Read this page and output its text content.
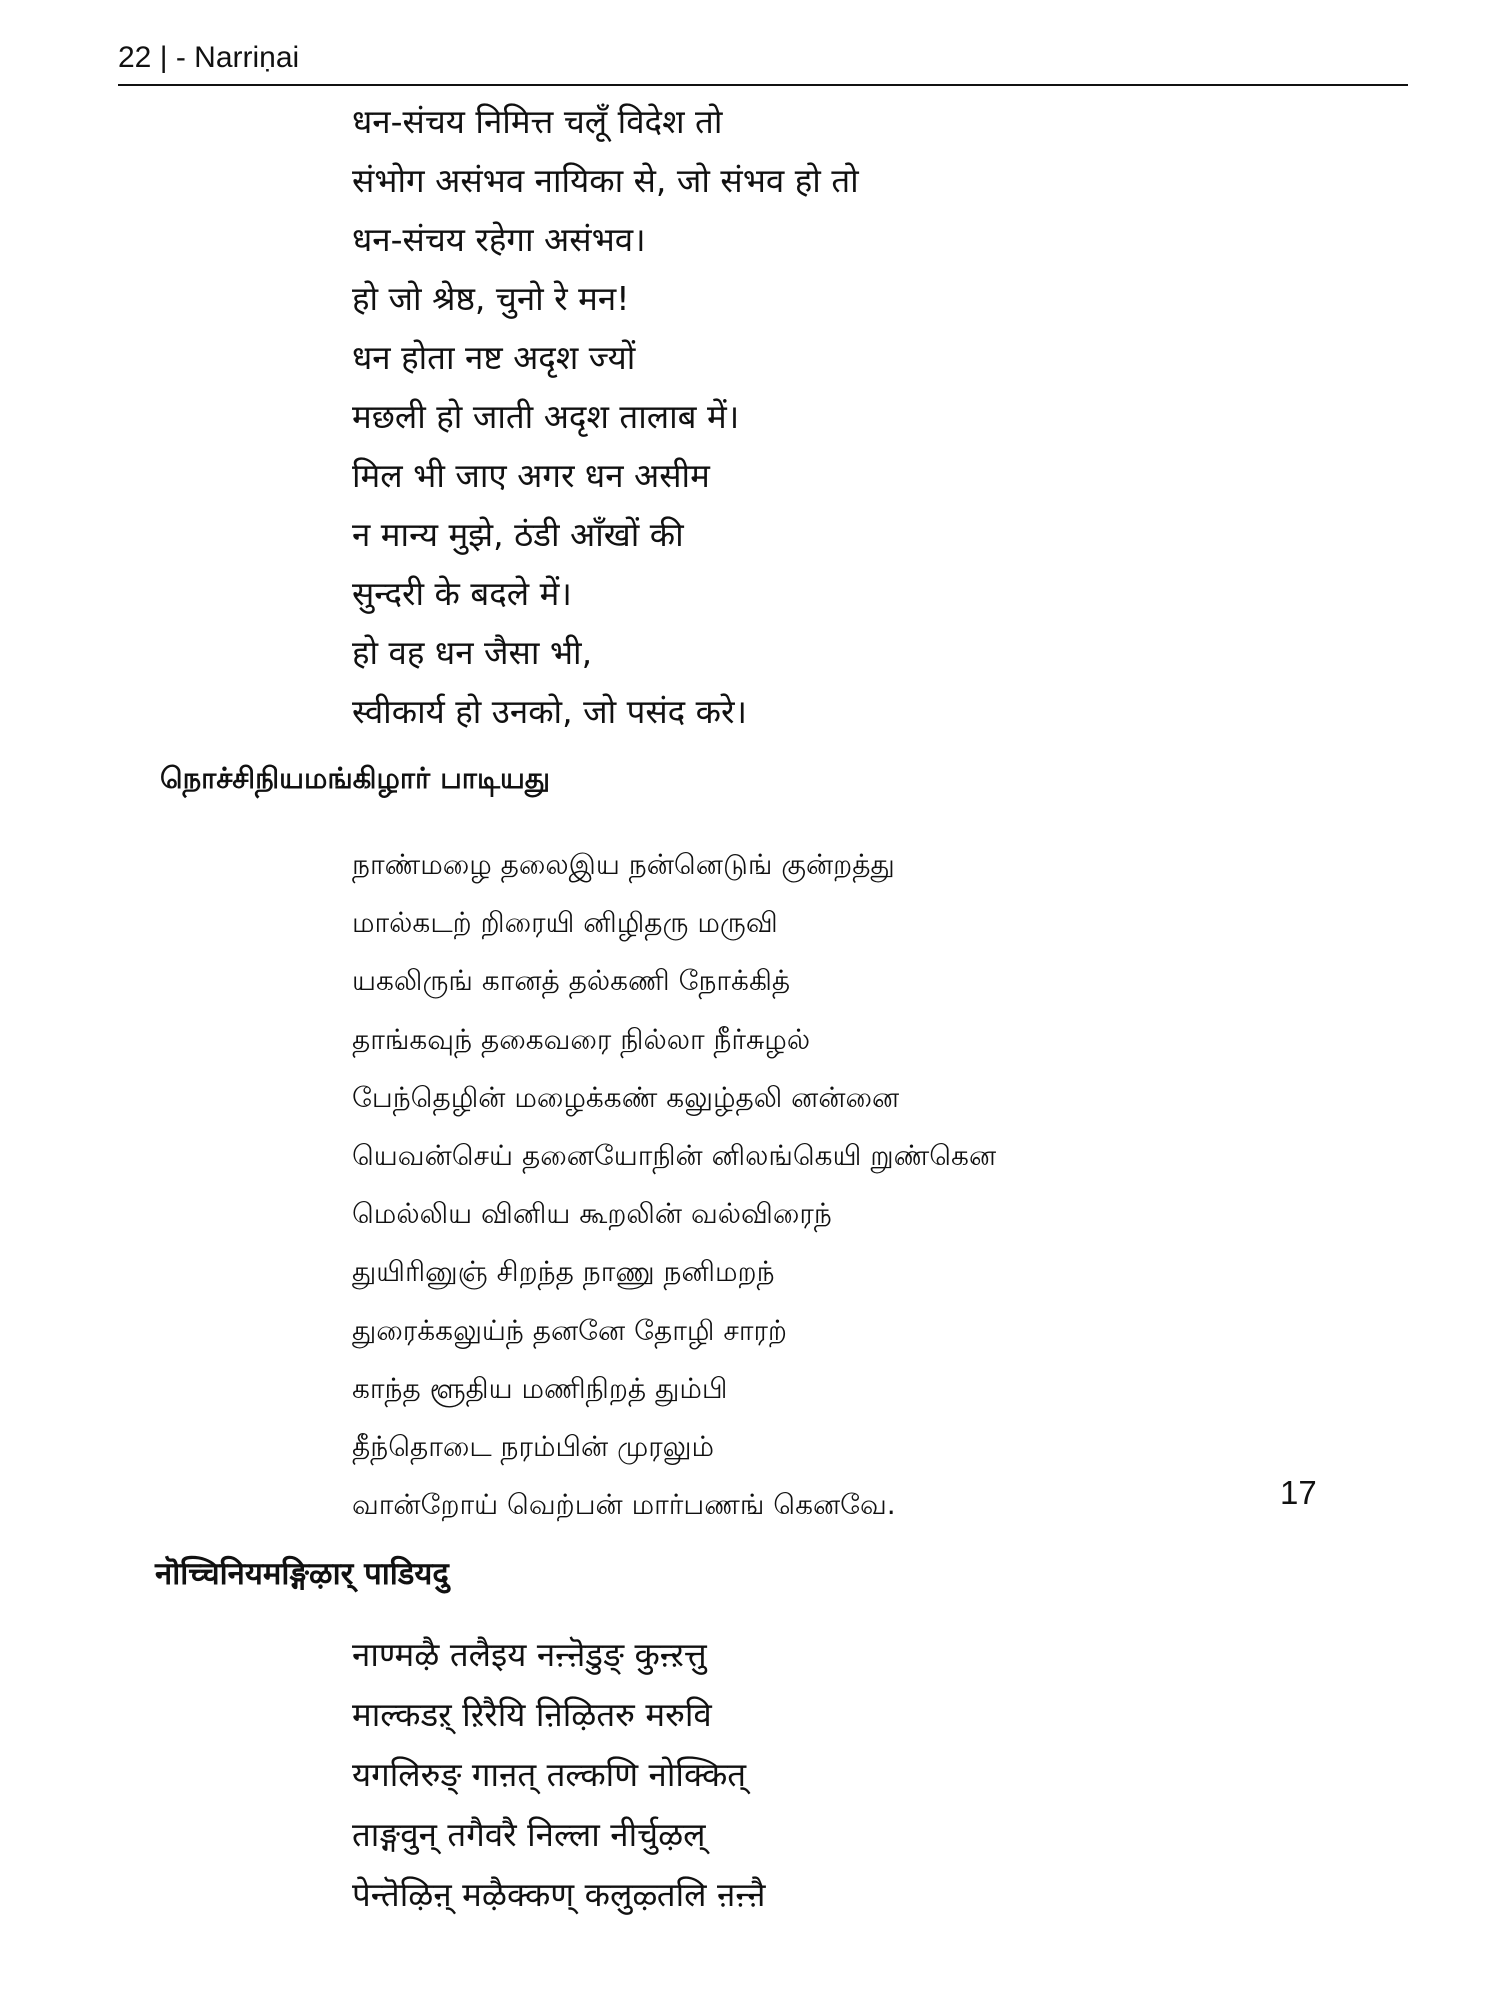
22 | - Narriṇai
धन-संचय निमित्त चलूँ विदेश तो
संभोग असंभव नायिका से, जो संभव हो तो
धन-संचय रहेगा असंभव।
हो जो श्रेष्ठ, चुनो रे मन!
धन होता नष्ट अदृश ज्यों
मछली हो जाती अदृश तालाब में।
मिल भी जाए अगर धन असीम
न मान्य मुझे, ठंडी आँखों की
सुन्दरी के बदले में।
हो वह धन जैसा भी,
स्वीकार्य हो उनको, जो पसंद करे।
நொச்சிநியமங்கிழார் பாடியது
நாண்மழை தலைஇய நன்னெடுங் குன்றத்து
மால்கடற் றிரையி னிழிதரு மருவி
யகலிருங் கானத் தல்கணி நோக்கித்
தாங்கவுந் தகைவரை நில்லா நீர்சுழல்
பேந்தெழின் மழைக்கண் கலுழ்தலி னன்னை
யெவன்செய் தனையோநின் னிலங்கெயி றுண்கென
மெல்லிய வினிய கூறலின் வல்விரைந்
துயிரினுஞ் சிறந்த நாணு நனிமறந்
துரைக்கலுய்ந் தனனே தோழி சாரற்
காந்த ளூதிய மணிநிறத் தும்பி
தீந்தொடை நரம்பின் முரலும்
வான்றோய் வெற்பன் மார்பணங் கெனவே.	17
नॊच्चिनियमङ्गिऴार् पाडियदु
नाण्मऴै तलैइय नऩ्ऩॆडुङ् कुऩ्ऱत्तु
माल्कडऱ् ऱिरैयि ऩिऴितरु मरुवि
यगलिरुङ् गाऩत् तल्कणि नोक्कित्
ताङ्गवुन् तगैवरै निल्ला नीर्चुऴल्
पेन्तॆऴिऩ् मऴैक्कण् कलुऴ्तलि ऩऩ्ऩै
